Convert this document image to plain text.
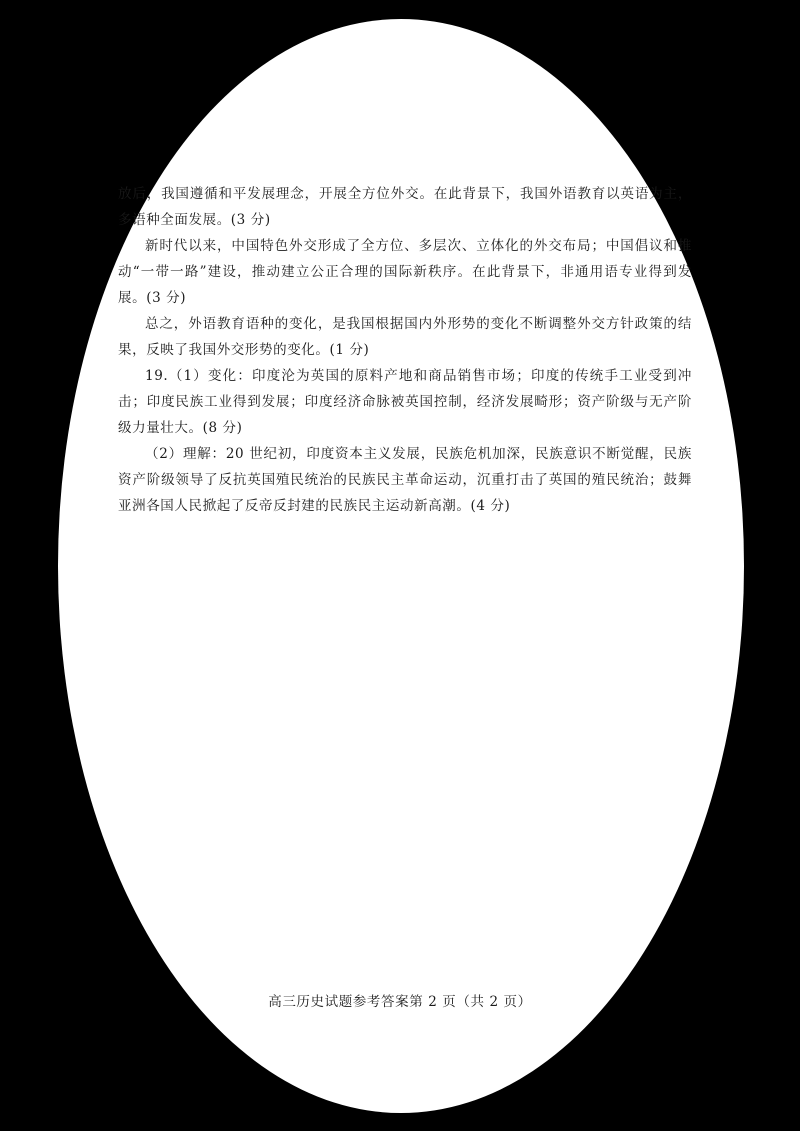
放后，我国遵循和平发展理念，开展全方位外交。在此背景下，我国外语教育以英语为主，多语种全面发展。(3 分)

新时代以来，中国特色外交形成了全方位、多层次、立体化的外交布局；中国倡议和推动“一带一路”建设，推动建立公正合理的国际新秩序。在此背景下，非通用语专业得到发展。(3 分)

总之，外语教育语种的变化，是我国根据国内外形势的变化不断调整外交方针政策的结果，反映了我国外交形势的变化。(1 分)

19.（1）变化：印度沦为英国的原料产地和商品销售市场；印度的传统手工业受到冲击；印度民族工业得到发展；印度经济命脉被英国控制，经济发展畸形；资产阶级与无产阶级力量壮大。(8 分)

（2）理解：20 世纪初，印度资本主义发展，民族危机加深，民族意识不断觉醒，民族资产阶级领导了反抗英国殖民统治的民族民主革命运动，沉重打击了英国的殖民统治；鼓舞亚洲各国人民掀起了反帝反封建的民族民主运动新高潮。(4 分)

高三历史试题参考答案第 2 页（共 2 页）
